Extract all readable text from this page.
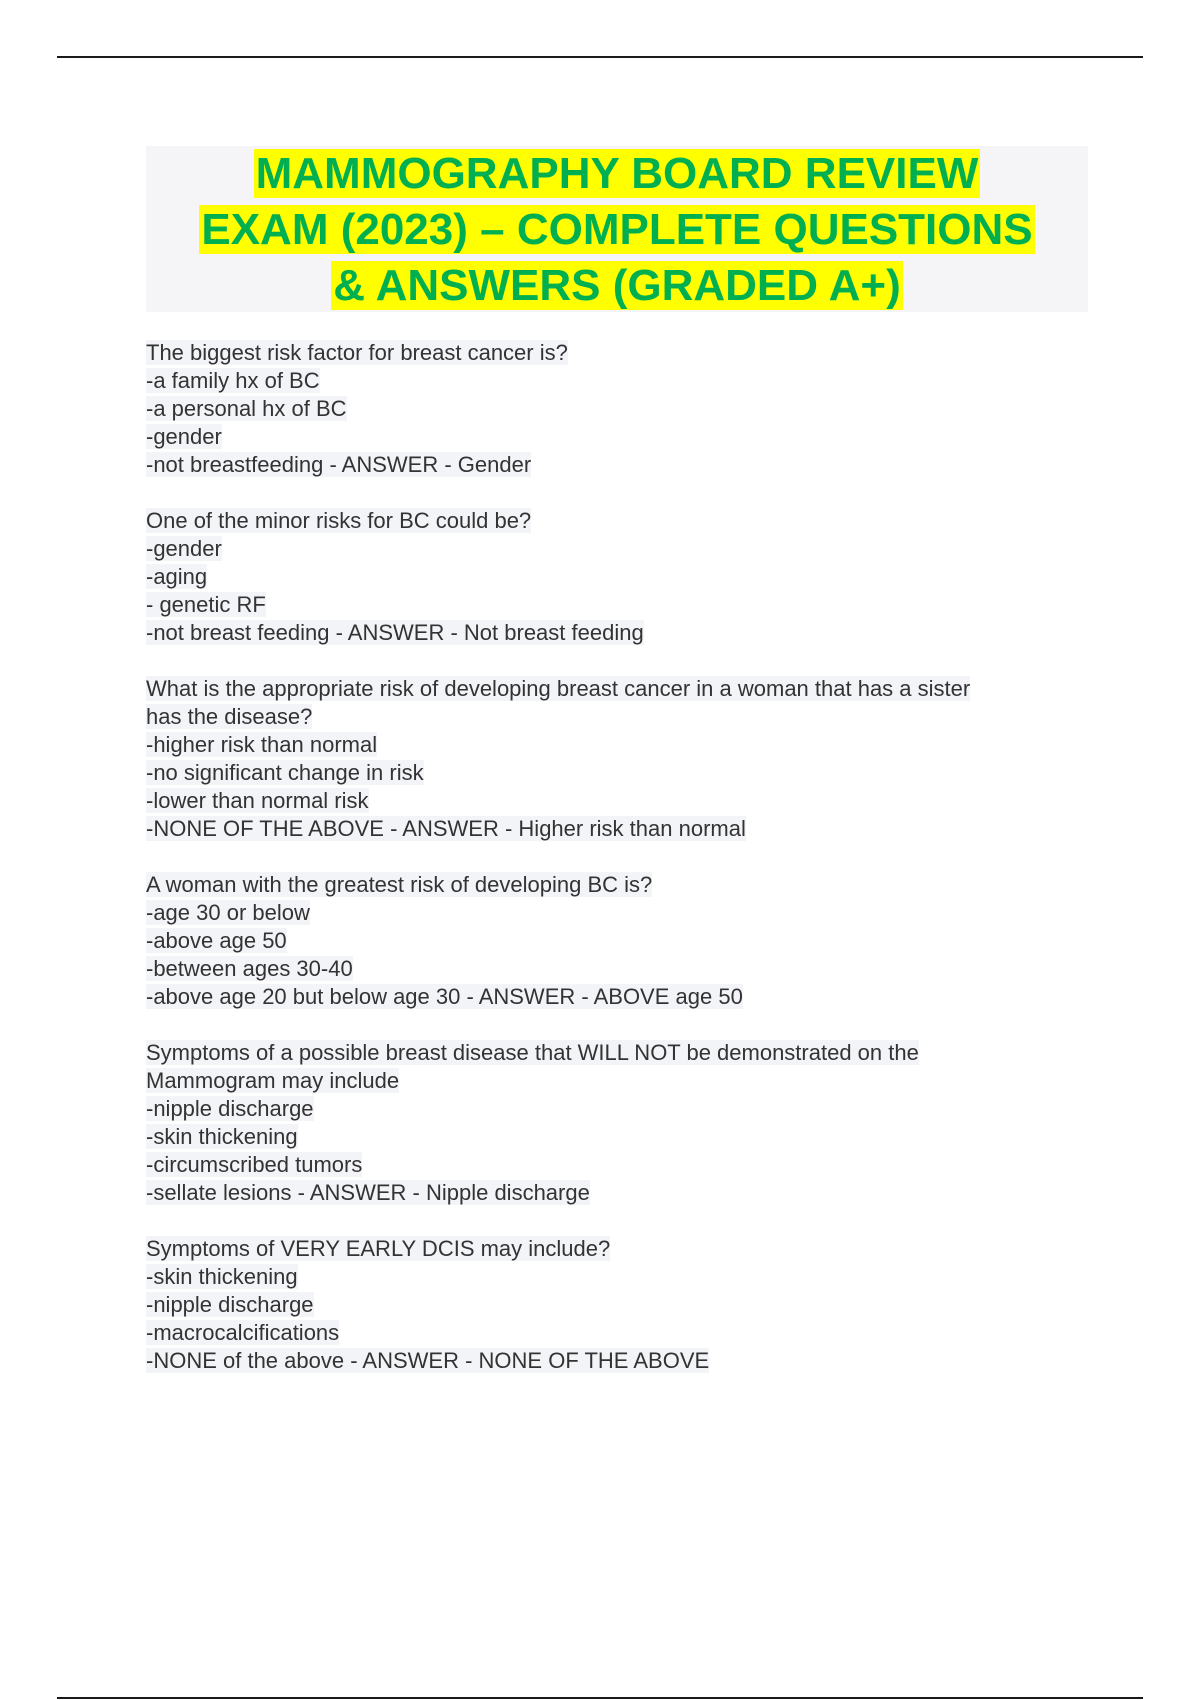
MAMMOGRAPHY BOARD REVIEW
EXAM (2023) – COMPLETE QUESTIONS
& ANSWERS (GRADED A+)
The biggest risk factor for breast cancer is?
-a family hx of BC
-a personal hx of BC
-gender
-not breastfeeding - ANSWER - Gender
One of the minor risks for BC could be?
-gender
-aging
- genetic RF
-not breast feeding - ANSWER - Not breast feeding
What is the appropriate risk of developing breast cancer in a woman that has a sister
has the disease?
-higher risk than normal
-no significant change in risk
-lower than normal risk
-NONE OF THE ABOVE - ANSWER - Higher risk than normal
A woman with the greatest risk of developing BC is?
-age 30 or below
-above age 50
-between ages 30-40
-above age 20 but below age 30 - ANSWER - ABOVE age 50
Symptoms of a possible breast disease that WILL NOT be demonstrated on the
Mammogram may include
-nipple discharge
-skin thickening
-circumscribed tumors
-sellate lesions - ANSWER - Nipple discharge
Symptoms of VERY EARLY DCIS may include?
-skin thickening
-nipple discharge
-macrocalcifications
-NONE of the above - ANSWER - NONE OF THE ABOVE
